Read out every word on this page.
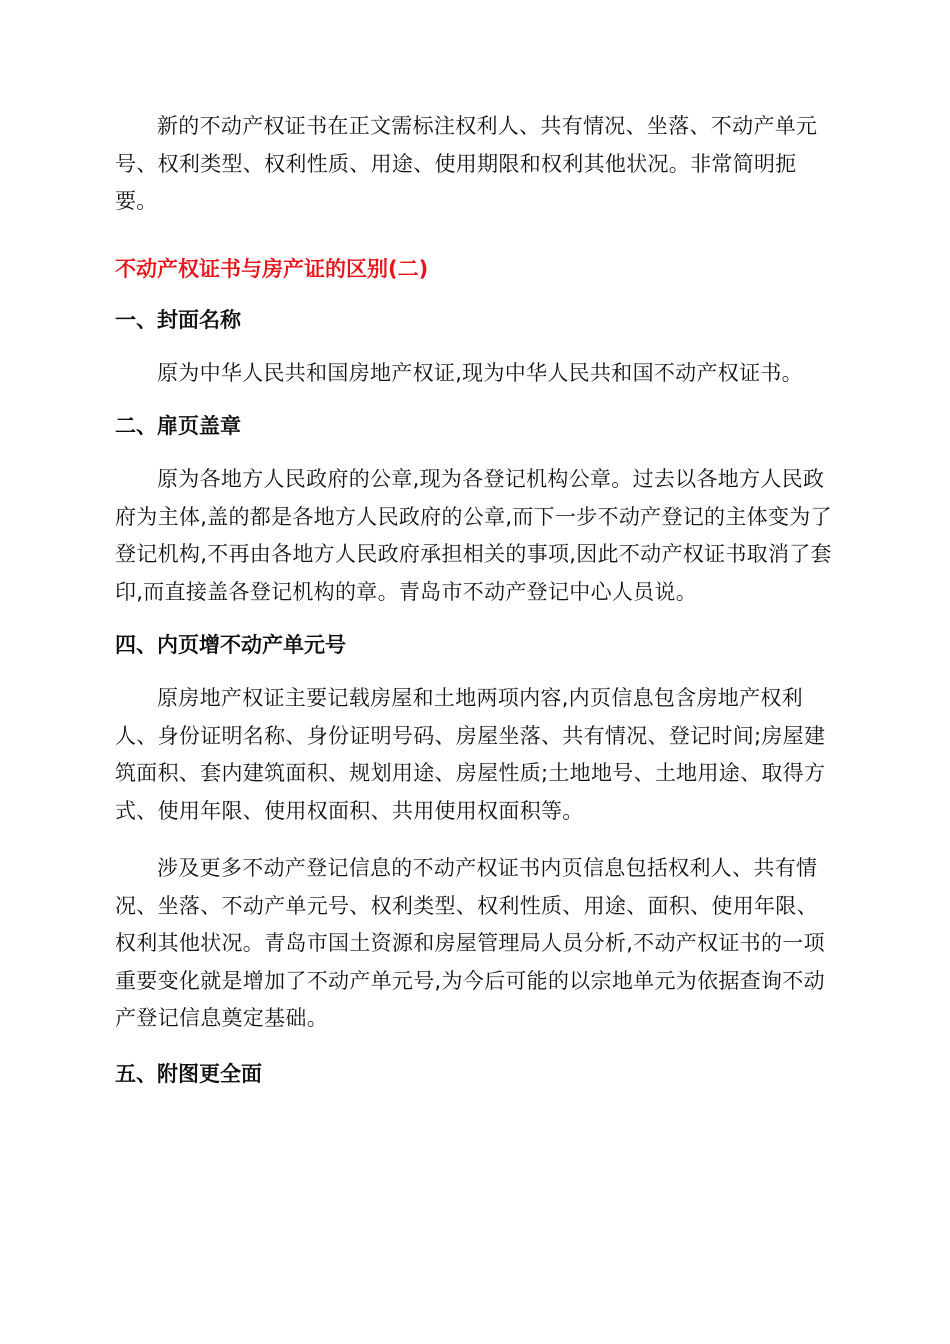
新的不动产权证书在正文需标注权利人、共有情况、坐落、不动产单元号、权利类型、权利性质、用途、使用期限和权利其他状况。非常简明扼要。

不动产权证书与房产证的区别(二)

一、封面名称

原为中华人民共和国房地产权证,现为中华人民共和国不动产权证书。

二、扉页盖章

原为各地方人民政府的公章,现为各登记机构公章。过去以各地方人民政府为主体,盖的都是各地方人民政府的公章,而下一步不动产登记的主体变为了登记机构,不再由各地方人民政府承担相关的事项,因此不动产权证书取消了套印,而直接盖各登记机构的章。青岛市不动产登记中心人员说。

四、内页增不动产单元号

原房地产权证主要记载房屋和土地两项内容,内页信息包含房地产权利人、身份证明名称、身份证明号码、房屋坐落、共有情况、登记时间;房屋建筑面积、套内建筑面积、规划用途、房屋性质;土地地号、土地用途、取得方式、使用年限、使用权面积、共用使用权面积等。

涉及更多不动产登记信息的不动产权证书内页信息包括权利人、共有情况、坐落、不动产单元号、权利类型、权利性质、用途、面积、使用年限、权利其他状况。青岛市国土资源和房屋管理局人员分析,不动产权证书的一项重要变化就是增加了不动产单元号,为今后可能的以宗地单元为依据查询不动产登记信息奠定基础。

五、附图更全面
